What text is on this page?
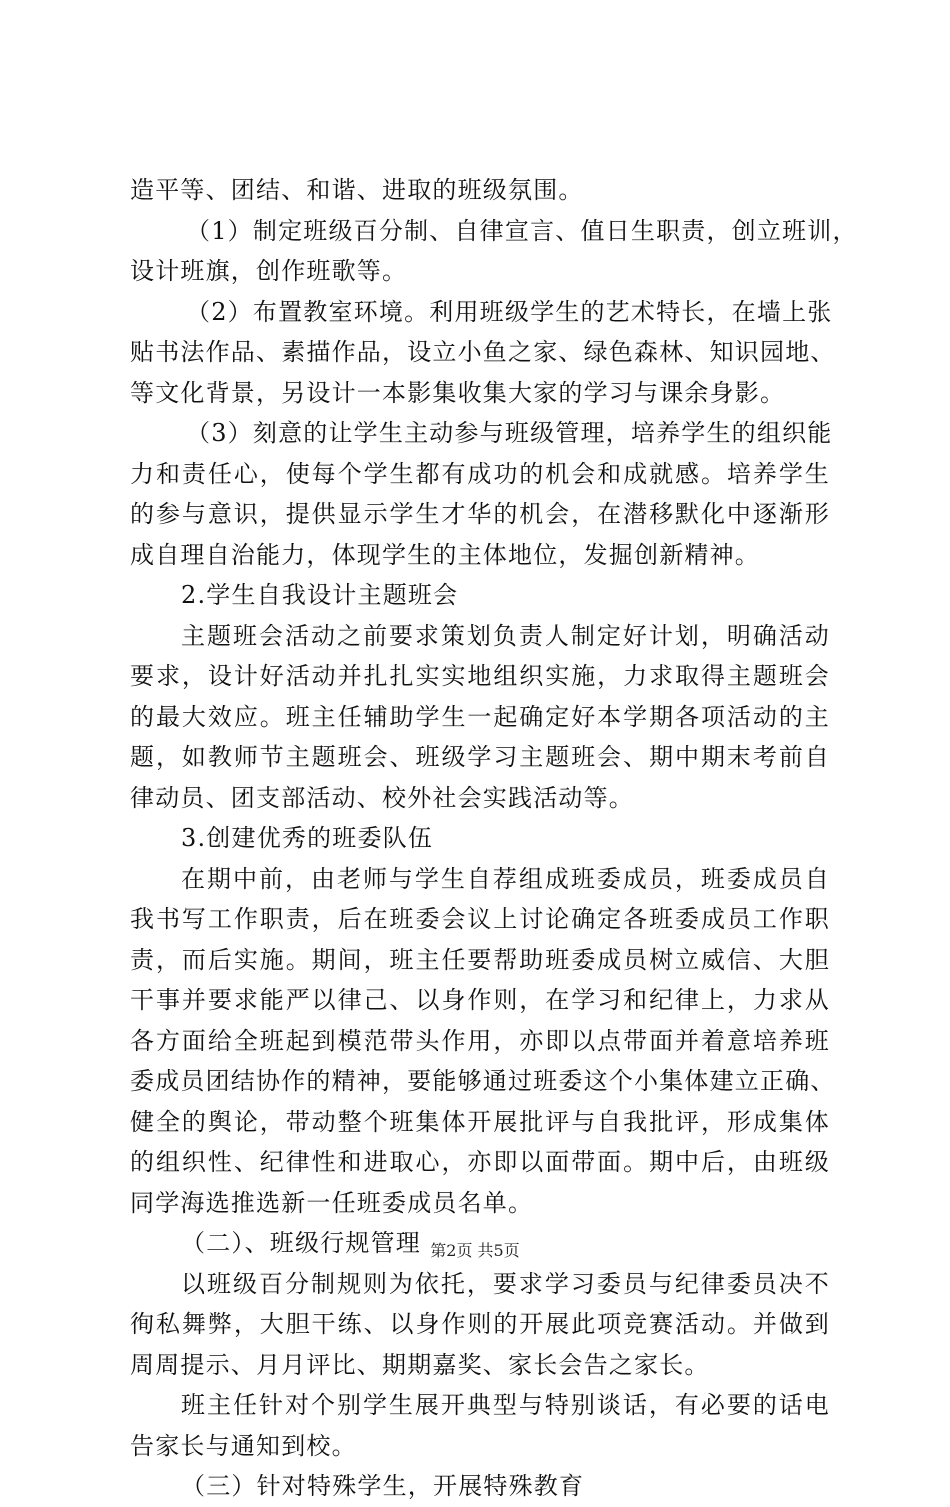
造平等、团结、和谐、进取的班级氛围。
（1）制定班级百分制、自律宣言、值日生职责，创立班训，
设计班旗，创作班歌等。
（2）布置教室环境。利用班级学生的艺术特长，在墙上张
贴书法作品、素描作品，设立小鱼之家、绿色森林、知识园地、
等文化背景，另设计一本影集收集大家的学习与课余身影。
（3）刻意的让学生主动参与班级管理，培养学生的组织能
力和责任心，使每个学生都有成功的机会和成就感。培养学生
的参与意识，提供显示学生才华的机会，在潜移默化中逐渐形
成自理自治能力，体现学生的主体地位，发掘创新精神。
2.学生自我设计主题班会
主题班会活动之前要求策划负责人制定好计划，明确活动
要求，设计好活动并扎扎实实地组织实施，力求取得主题班会
的最大效应。班主任辅助学生一起确定好本学期各项活动的主
题，如教师节主题班会、班级学习主题班会、期中期末考前自
律动员、团支部活动、校外社会实践活动等。
3.创建优秀的班委队伍
在期中前，由老师与学生自荐组成班委成员，班委成员自
我书写工作职责，后在班委会议上讨论确定各班委成员工作职
责，而后实施。期间，班主任要帮助班委成员树立威信、大胆
干事并要求能严以律己、以身作则，在学习和纪律上，力求从
各方面给全班起到模范带头作用，亦即以点带面并着意培养班
委成员团结协作的精神，要能够通过班委这个小集体建立正确、
健全的舆论，带动整个班集体开展批评与自我批评，形成集体
的组织性、纪律性和进取心，亦即以面带面。期中后，由班级
同学海选推选新一任班委成员名单。
（二）、班级行规管理
以班级百分制规则为依托，要求学习委员与纪律委员决不
徇私舞弊，大胆干练、以身作则的开展此项竞赛活动。并做到
周周提示、月月评比、期期嘉奖、家长会告之家长。
班主任针对个别学生展开典型与特别谈话，有必要的话电
告家长与通知到校。
（三）针对特殊学生，开展特殊教育
第2页 共5页
